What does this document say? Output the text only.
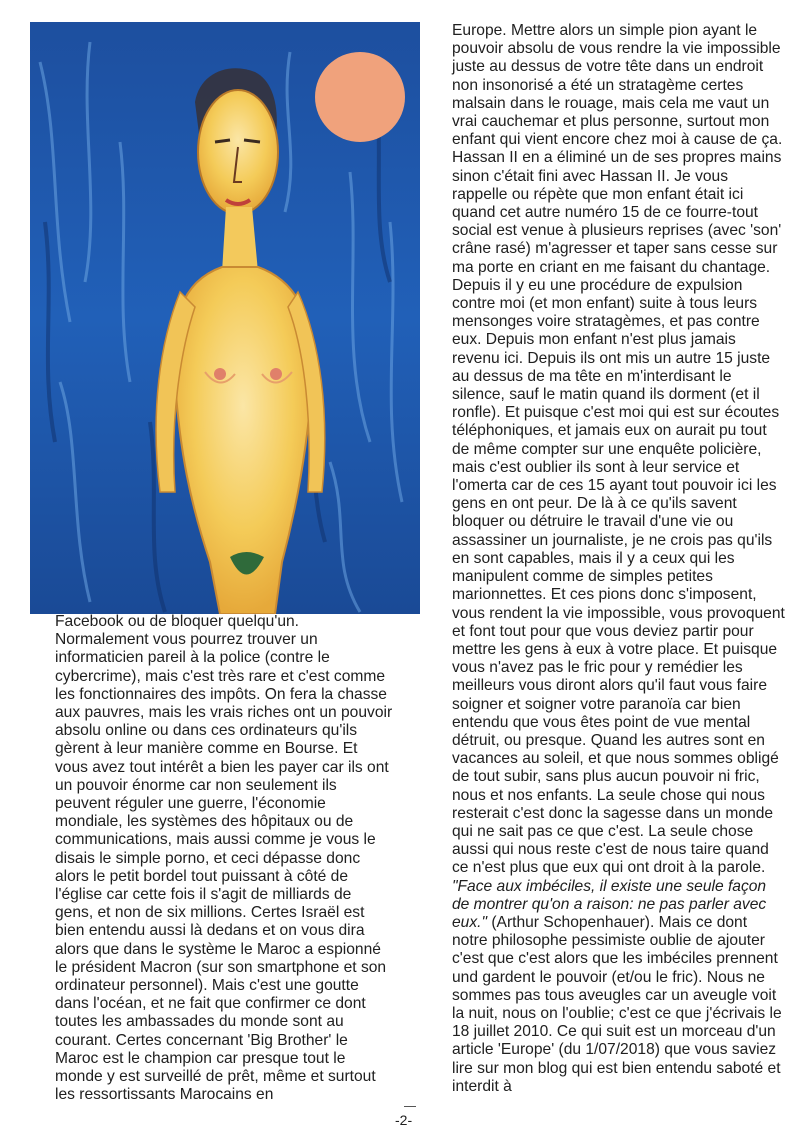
Facebook ou de bloquer quelqu'un. Normalement vous pourrez trouver un informaticien pareil à la police (contre le cybercrime), mais c'est très rare et c'est comme les fonctionnaires des impôts. On fera la chasse aux pauvres, mais les vrais riches ont un pouvoir absolu online ou dans ces ordinateurs qu'ils gèrent à leur manière comme en Bourse. Et vous avez tout intérêt a bien les payer car ils ont un pouvoir énorme car non seulement ils peuvent réguler une guerre, l'économie mondiale, les systèmes des hôpitaux ou de communications, mais aussi comme je vous le disais le simple porno, et ceci dépasse donc alors le petit bordel tout puissant à côté de l'église car cette fois il s'agit de milliards de gens, et non de six millions. Certes Israël est bien entendu aussi là dedans et on vous dira alors que dans le système le Maroc a espionné le président Macron (sur son smartphone et son ordinateur personnel). Mais c'est une goutte dans l'océan, et ne fait que confirmer ce dont toutes les ambassades du monde sont au courant. Certes concernant 'Big Brother' le Maroc est le champion car presque tout le monde y est surveillé de prêt, même et surtout les ressortissants Marocains en

Europe. Mettre alors un simple pion ayant le pouvoir absolu de vous rendre la vie impossible juste au dessus de votre tête dans un endroit non insonorisé a été un stratagème certes malsain dans le rouage, mais cela me vaut un vrai cauchemar et plus personne, surtout mon enfant qui vient encore chez moi à cause de ça. Hassan II en a éliminé un de ses propres mains sinon c'était fini avec Hassan II. Je vous rappelle ou répète que mon enfant était ici quand cet autre numéro 15 de ce fourre-tout social est venue à plusieurs reprises (avec 'son' crâne rasé) m'agresser et taper sans cesse sur ma porte en criant en me faisant du chantage. Depuis il y eu une procédure de expulsion contre moi (et mon enfant) suite à tous leurs mensonges voire stratagèmes, et pas contre eux. Depuis mon enfant n'est plus jamais revenu ici. Depuis ils ont mis un autre 15 juste au dessus de ma tête en m'interdisant le silence, sauf le matin quand ils dorment (et il ronfle). Et puisque c'est moi qui est sur écoutes téléphoniques, et jamais eux on aurait pu tout de même compter sur une enquête policière, mais c'est oublier ils sont à leur service et l'omerta car de ces 15 ayant tout pouvoir ici les gens en ont peur. De là à ce qu'ils savent bloquer ou détruire le travail d'une vie ou assassiner un journaliste, je ne crois pas qu'ils en sont capables, mais il y a ceux qui les manipulent comme de simples petites marionnettes. Et ces pions donc s'imposent, vous rendent la vie impossible, vous provoquent et font tout pour que vous deviez partir pour mettre les gens à eux à votre place. Et puisque vous n'avez pas le fric pour y remédier les meilleurs vous diront alors qu'il faut vous faire soigner et soigner votre paranoïa car bien entendu que vous êtes point de vue mental détruit, ou presque. Quand les autres sont en vacances au soleil, et que nous sommes obligé de tout subir, sans plus aucun pouvoir ni fric, nous et nos enfants. La seule chose qui nous resterait c'est donc la sagesse dans un monde qui ne sait pas ce que c'est. La seule chose aussi qui nous reste c'est de nous taire quand ce n'est plus que eux qui ont droit à la parole. "Face aux imbéciles, il existe une seule façon de montrer qu'on a raison: ne pas parler avec eux." (Arthur Schopenhauer). Mais ce dont notre philosophe pessimiste oublie de ajouter c'est que c'est alors que les imbéciles prennent und gardent le pouvoir (et/ou le fric). Nous ne sommes pas tous aveugles car un aveugle voit la nuit, nous on l'oublie; c'est ce que j'écrivais le 18 juillet 2010. Ce qui suit est un morceau d'un article 'Europe' (du 1/07/2018) que vous saviez lire sur mon blog qui est bien entendu saboté et interdit à

-2-
